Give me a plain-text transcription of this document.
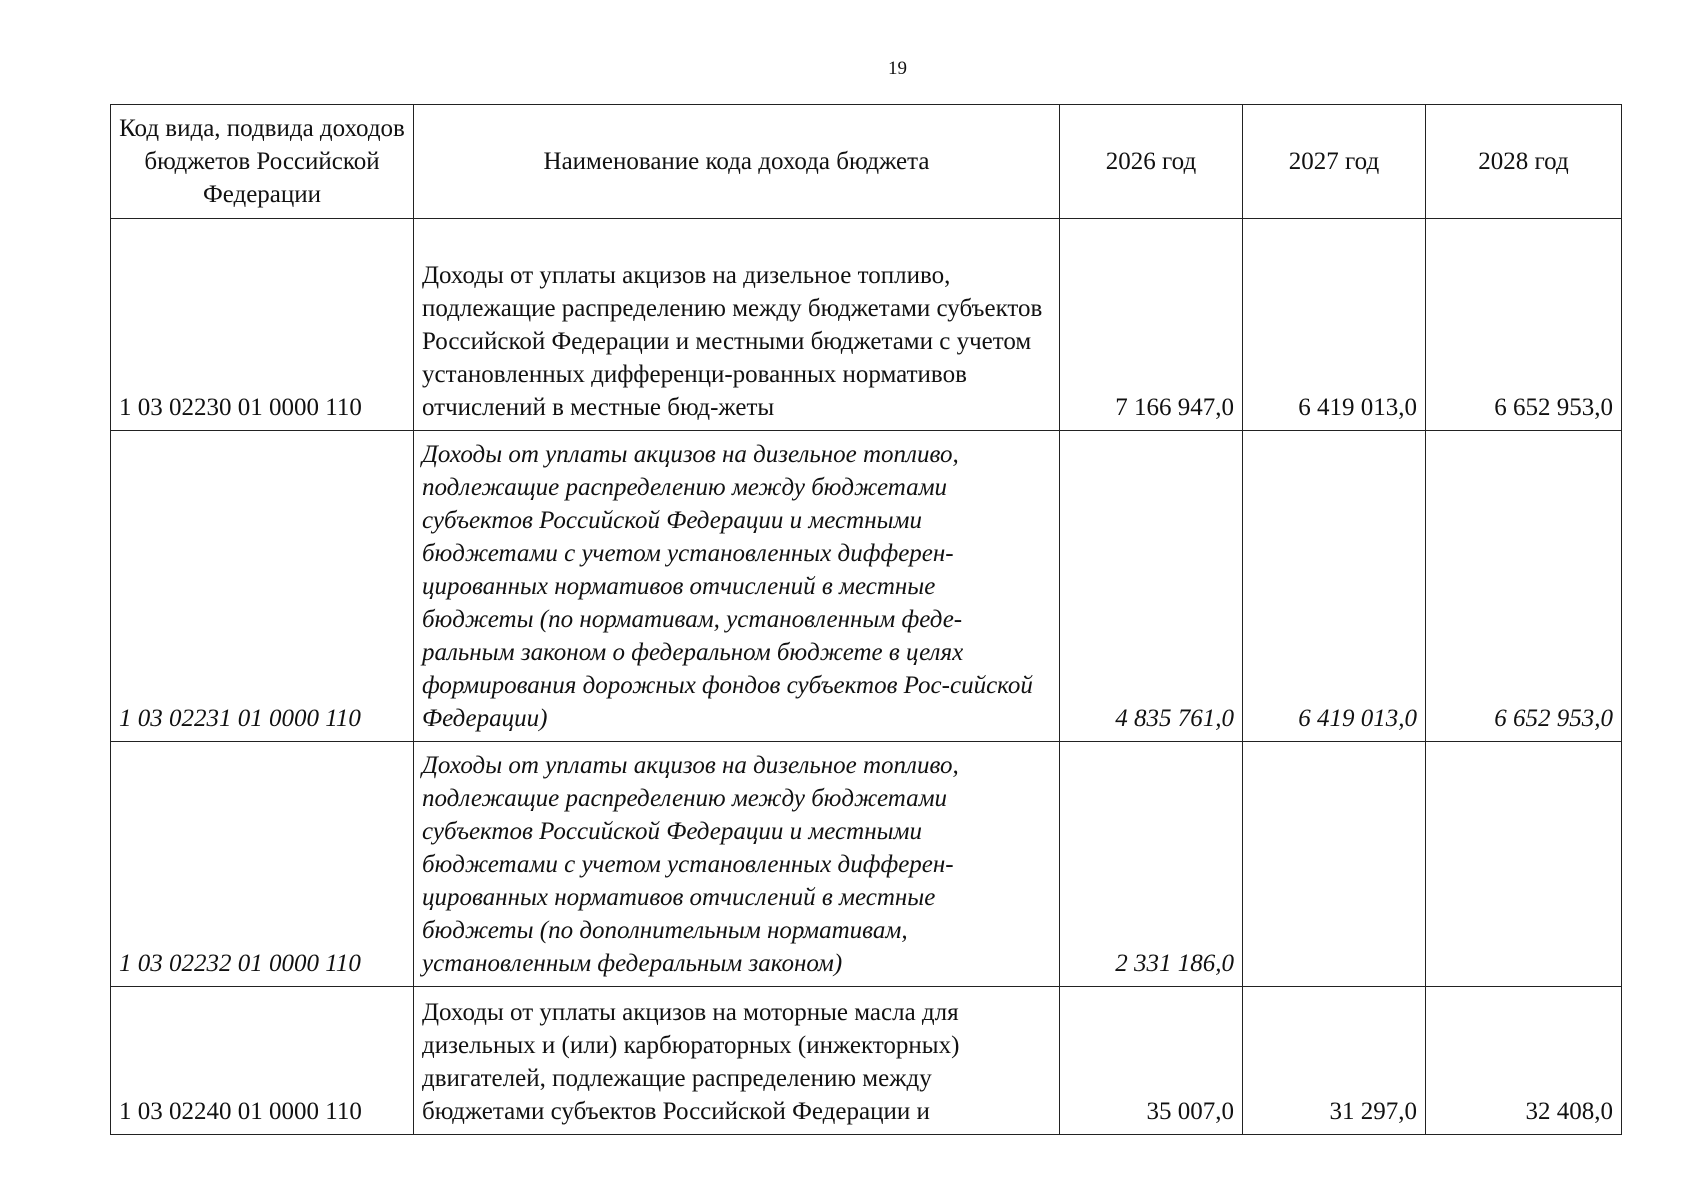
19
Код вида, подвида доходов бюджетов Российской Федерации	Наименование кода дохода бюджета	2026 год	2027 год	2028 год
1 03 02230 01 0000 110	Доходы от уплаты акцизов на дизельное топливо, подлежащие распределению между бюджетами субъектов Российской Федерации и местными бюджетами с учетом установленных дифференци-рованных нормативов отчислений в местные бюд-жеты	7 166 947,0	6 419 013,0	6 652 953,0
1 03 02231 01 0000 110	Доходы от уплаты акцизов на дизельное топливо, подлежащие распределению между бюджетами субъектов Российской Федерации и местными бюджетами с учетом установленных дифферен-цированных нормативов отчислений в местные бюджеты (по нормативам, установленным феде-ральным законом о федеральном бюджете в целях формирования дорожных фондов субъектов Рос-сийской Федерации)	4 835 761,0	6 419 013,0	6 652 953,0
1 03 02232 01 0000 110	Доходы от уплаты акцизов на дизельное топливо, подлежащие распределению между бюджетами субъектов Российской Федерации и местными бюджетами с учетом установленных дифферен-цированных нормативов отчислений в местные бюджеты (по дополнительным нормативам, установленным федеральным законом)	2 331 186,0		
1 03 02240 01 0000 110	Доходы от уплаты акцизов на моторные масла для дизельных и (или) карбюраторных (инжекторных) двигателей, подлежащие распределению между бюджетами субъектов Российской Федерации и	35 007,0	31 297,0	32 408,0
